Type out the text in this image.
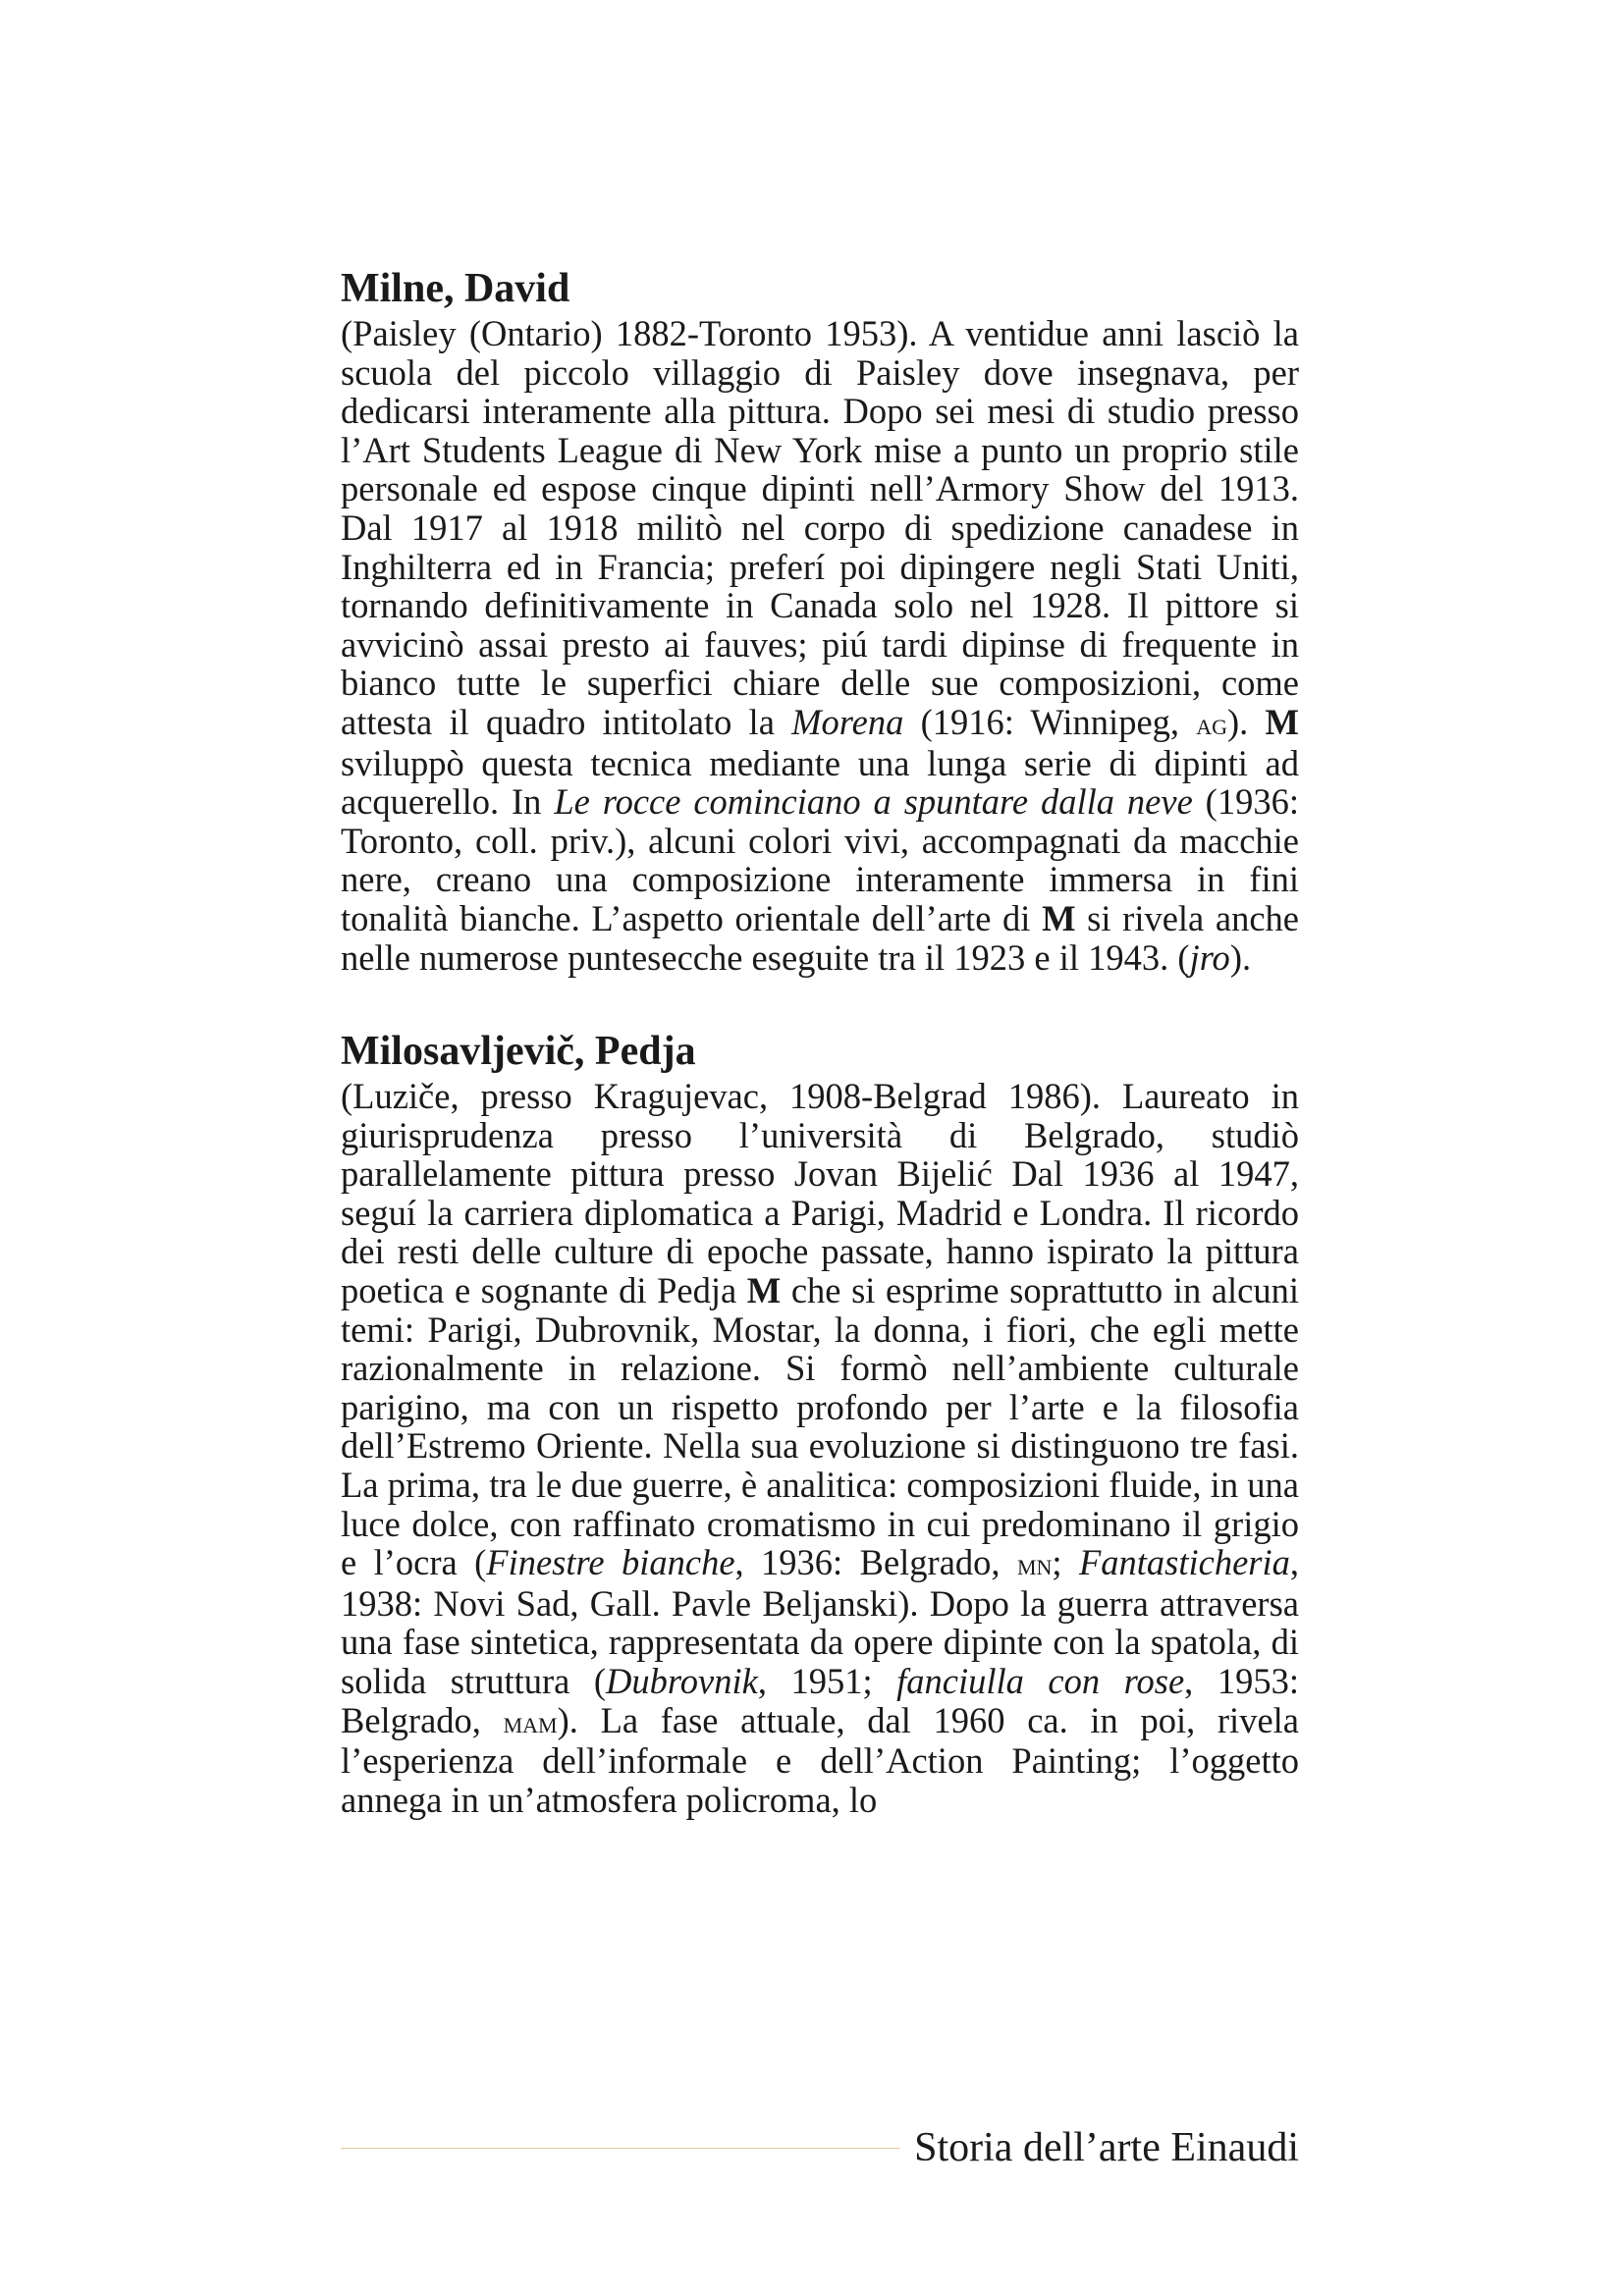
Milne, David

(Paisley (Ontario) 1882-Toronto 1953). A ventidue anni lasciò la scuola del piccolo villaggio di Paisley dove insegnava, per dedicarsi interamente alla pittura. Dopo sei mesi di studio presso l’Art Students League di New York mise a punto un proprio stile personale ed espose cinque dipinti nell’Armory Show del 1913. Dal 1917 al 1918 militò nel corpo di spedizione canadese in Inghilterra ed in Francia; preferí poi dipingere negli Stati Uniti, tornando definitivamente in Canada solo nel 1928. Il pittore si avvicinò assai presto ai fauves; piú tardi dipinse di frequente in bianco tutte le superfici chiare delle sue composizioni, come attesta il quadro intitolato la Morena (1916: Winnipeg, ag). M sviluppò questa tecnica mediante una lunga serie di dipinti ad acquerello. In Le rocce cominciano a spuntare dalla neve (1936: Toronto, coll. priv.), alcuni colori vivi, accompagnati da macchie nere, creano una composizione interamente immersa in fini tonalità bianche. L’aspetto orientale dell’arte di M si rivela anche nelle numerose puntesecche eseguite tra il 1923 e il 1943. (jro).

Milosavljevič, Pedja

(Luziče, presso Kragujevac, 1908-Belgrad 1986). Laureato in giurisprudenza presso l’università di Belgrado, studiò parallelamente pittura presso Jovan Bijelić Dal 1936 al 1947, seguí la carriera diplomatica a Parigi, Madrid e Londra. Il ricordo dei resti delle culture di epoche passate, hanno ispirato la pittura poetica e sognante di Pedja M che si esprime soprattutto in alcuni temi: Parigi, Dubrovnik, Mostar, la donna, i fiori, che egli mette razionalmente in relazione. Si formò nell’ambiente culturale parigino, ma con un rispetto profondo per l’arte e la filosofia dell’Estremo Oriente. Nella sua evoluzione si distinguono tre fasi. La prima, tra le due guerre, è analitica: composizioni fluide, in una luce dolce, con raffinato cromatismo in cui predominano il grigio e l’ocra (Finestre bianche, 1936: Belgrado, mn; Fantasticheria, 1938: Novi Sad, Gall. Pavle Beljanski). Dopo la guerra attraversa una fase sintetica, rappresentata da opere dipinte con la spatola, di solida struttura (Dubrovnik, 1951; fanciulla con rose, 1953: Belgrado, mam). La fase attuale, dal 1960 ca. in poi, rivela l’esperienza dell’informale e dell’Action Painting; l’oggetto annega in un’atmosfera policroma, lo

Storia dell’arte Einaudi
